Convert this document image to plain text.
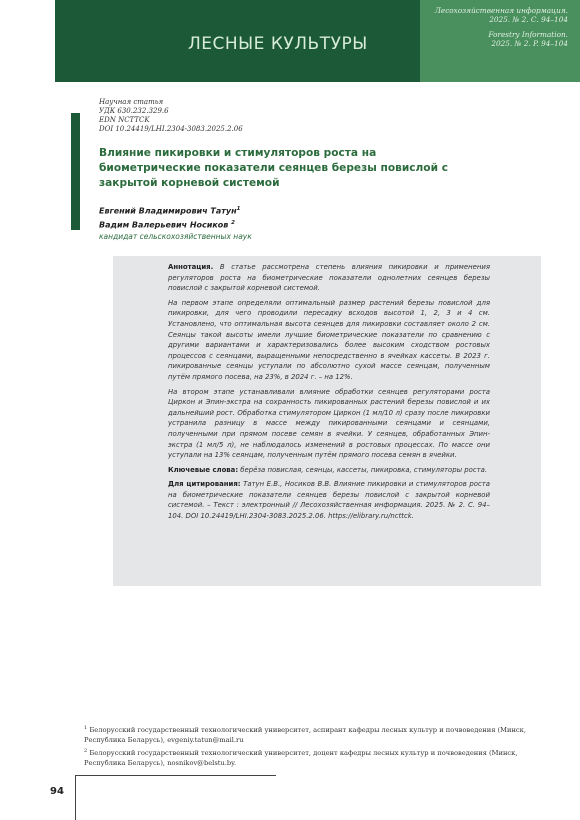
ЛЕСНЫЕ КУЛЬТУРЫ
Лесохозяйственная информация.
2025. № 2. С. 94–104
Forestry Information.
2025. № 2. P. 94–104
Научная статья
УДК 630.232.329.6
EDN NCTTCK
DOI 10.24419/LHI.2304-3083.2025.2.06
Влияние пикировки и стимуляторов роста на биометрические показатели сеянцев березы повислой с закрытой корневой системой
Евгений Владимирович Татун$^1$
Вадим Валерьевич Носиков $^2$
кандидат сельскохозяйственных наук

Аннотация. В статье рассмотрена степень влияния пикировки и применения регуляторов роста на биометрические показатели однолетних сеянцев березы повислой с закрытой корневой системой.

На первом этапе определяли оптимальный размер растений березы повислой для пикировки, для чего проводили пересадку всходов высотой 1, 2, 3 и 4 см. Установлено, что оптимальная высота сеянцев для пикировки составляет около 2 см. Сеянцы такой высоты имели лучшие биометрические показатели по сравнению с другими вариантами и характеризовались более высоким сходством ростовых процессов с сеянцами, выращенными непосредственно в ячейках кассеты. В 2023 г. пикированные сеянцы уступали по абсолютно сухой массе сеянцам, полученным путём прямого посева, на 23%, в 2024 г. – на 12%.

На втором этапе устанавливали влияние обработки сеянцев регуляторами роста Циркон и Эпин-экстра на сохранность пикированных растений березы повислой и их дальнейший рост. Обработка стимулятором Циркон (1 мл/10 л) сразу после пикировки устранила разницу в массе между пикированными сеянцами и сеянцами, полученными при прямом посеве семян в ячейки. У сеянцев, обработанных Эпин-экстра (1 мл/5 л), не наблюдалось изменений в ростовых процессах. По массе они уступали на 13% сеянцам, полученным путём прямого посева семян в ячейки.

Ключевые слова: берёза повислая, сеянцы, кассеты, пикировка, стимуляторы роста.

Для цитирования: Татун Е.В., Носиков В.В. Влияние пикировки и стимуляторов роста на биометрические показатели сеянцев березы повислой с закрытой корневой системой. – Текст : электронный // Лесохозяйственная информация. 2025. № 2. С. 94–104. DOI 10.24419/LHI.2304-3083.2025.2.06. https://elibrary.ru/ncttck.

$^1$ Белорусский государственный технологический университет, аспирант кафедры лесных культур и почвоведения (Минск, Республика Беларусь), evgeniy.tatun@mail.ru

$^2$ Белорусский государственный технологический университет, доцент кафедры лесных культур и почвоведения (Минск, Республика Беларусь), nosnikov@belstu.by.

94
